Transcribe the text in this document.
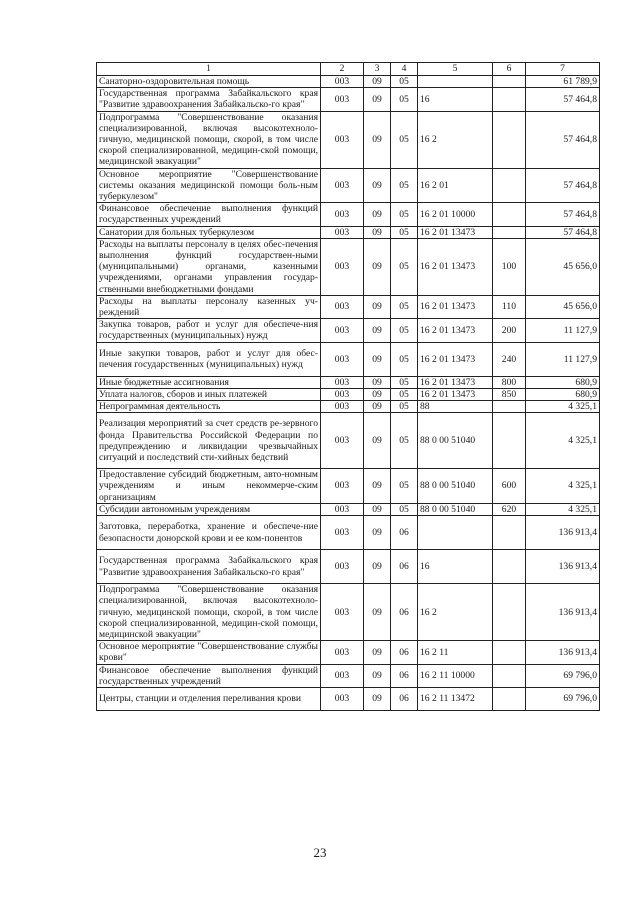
1	2	3	4	5	6	7
Санаторно-оздоровительная помощь	003	09	05			61 789,9
Государственная программа Забайкальского края "Развитие здравоохранения Забайкальско-го края"	003	09	05	16		57 464,8
Подпрограмма "Совершенствование оказания специализированной, включая высокотехноло-гичную, медицинской помощи, скорой, в том числе скорой специализированной, медицин-ской помощи, медицинской эвакуации"	003	09	05	16 2		57 464,8
Основное мероприятие "Совершенствование системы оказания медицинской помощи боль-ным туберкулезом"	003	09	05	16 2 01		57 464,8
Финансовое обеспечение выполнения функций государственных учреждений	003	09	05	16 2 01 10000		57 464,8
Санатории для больных туберкулезом	003	09	05	16 2 01 13473		57 464,8
Расходы на выплаты персоналу в целях обес-печения выполнения функций государствен-ными (муниципальными) органами, казенными учреждениями, органами управления государ-ственными внебюджетными фондами	003	09	05	16 2 01 13473	100	45 656,0
Расходы на выплаты персоналу казенных уч-реждений	003	09	05	16 2 01 13473	110	45 656,0
Закупка товаров, работ и услуг для обеспече-ния государственных (муниципальных) нужд	003	09	05	16 2 01 13473	200	11 127,9
Иные закупки товаров, работ и услуг для обес-печения государственных (муниципальных) нужд	003	09	05	16 2 01 13473	240	11 127,9
Иные бюджетные ассигнования	003	09	05	16 2 01 13473	800	680,9
Уплата налогов, сборов и иных платежей	003	09	05	16 2 01 13473	850	680,9
Непрограммная деятельность	003	09	05	88		4 325,1
Реализация мероприятий за счет средств ре-зервного фонда Правительства Российской Федерации по предупреждению и ликвидации чрезвычайных ситуаций и последствий сти-хийных бедствий	003	09	05	88 0 00 51040		4 325,1
Предоставление субсидий бюджетным, авто-номным учреждениям и иным некоммерче-ским организациям	003	09	05	88 0 00 51040	600	4 325,1
Субсидии автономным учреждениям	003	09	05	88 0 00 51040	620	4 325,1
Заготовка, переработка, хранение и обеспече-ние безопасности донорской крови и ее ком-понентов	003	09	06			136 913,4
Государственная программа Забайкальского края "Развитие здравоохранения Забайкальско-го края"	003	09	06	16		136 913,4
Подпрограмма "Совершенствование оказания специализированной, включая высокотехноло-гичную, медицинской помощи, скорой, в том числе скорой специализированной, медицин-ской помощи, медицинской эвакуации"	003	09	06	16 2		136 913,4
Основное мероприятие "Совершенствование службы крови"	003	09	06	16 2 11		136 913,4
Финансовое обеспечение выполнения функций государственных учреждений	003	09	06	16 2 11 10000		69 796,0
Центры, станции и отделения переливания крови	003	09	06	16 2 11 13472		69 796,0
23
